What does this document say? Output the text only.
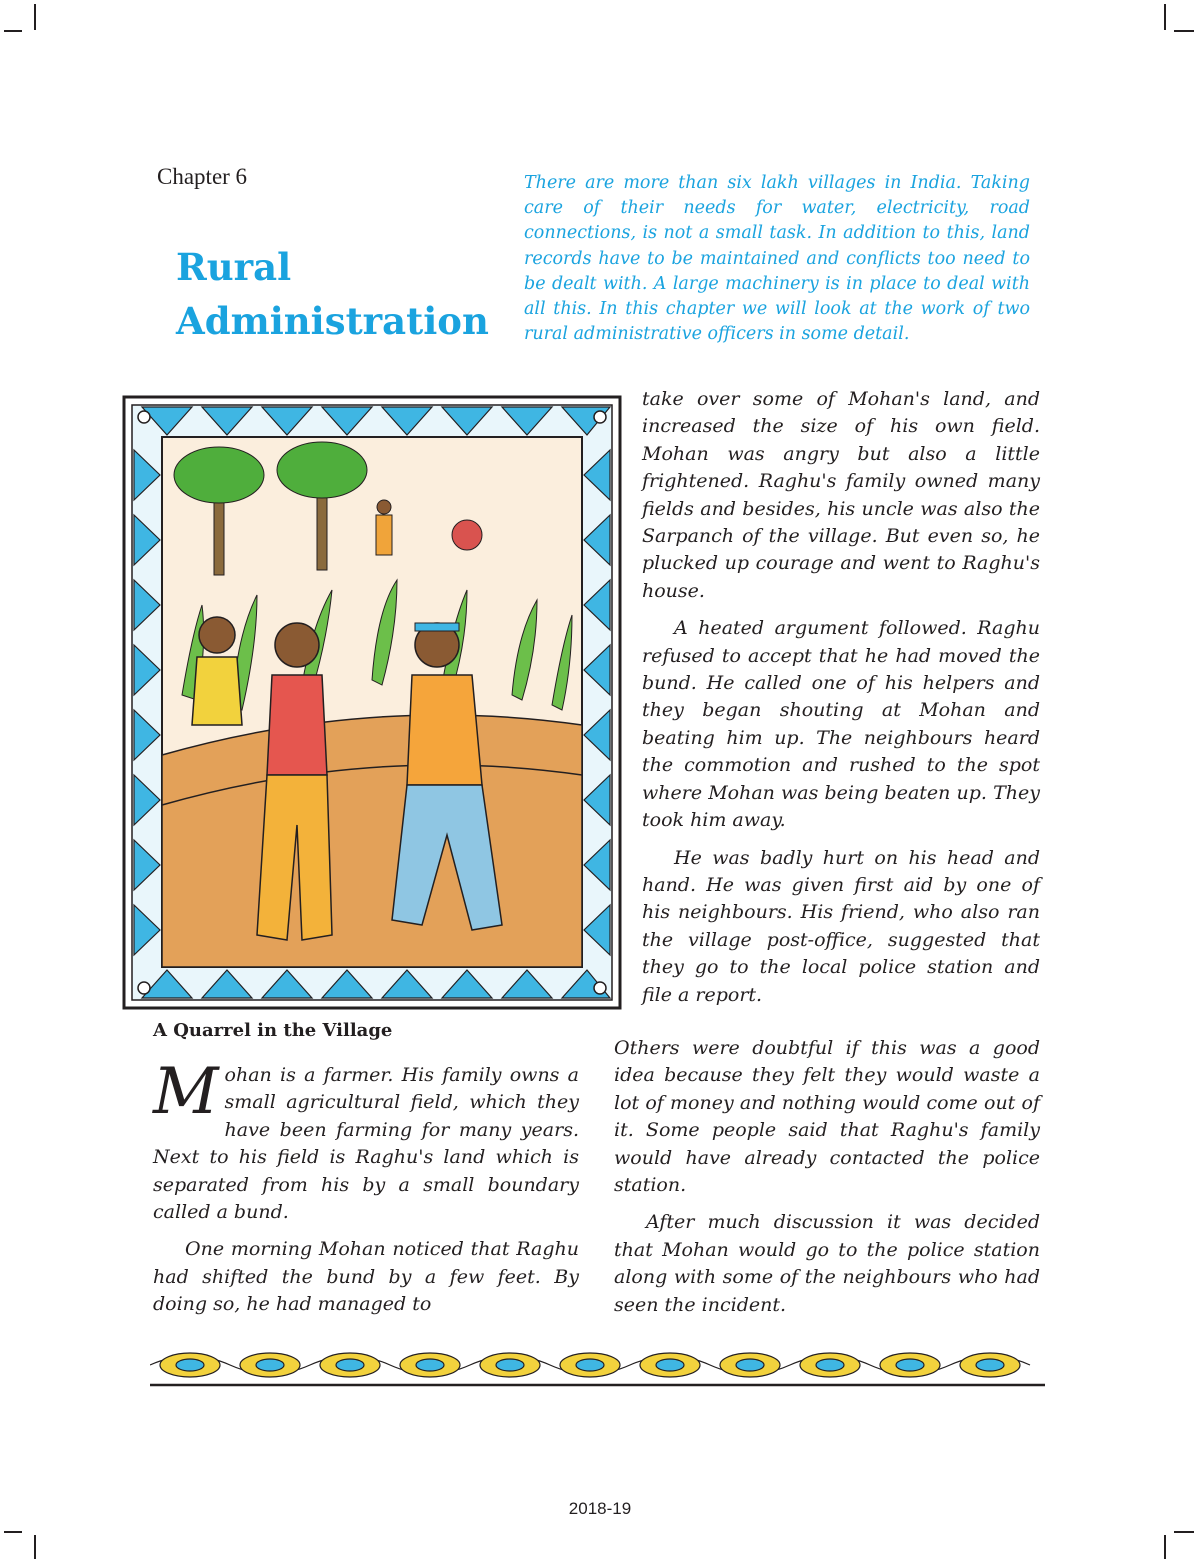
Chapter 6
Rural
Administration

There are more than six lakh villages in India. Taking care of their needs for water, electricity, road connections, is not a small task. In addition to this, land records have to be maintained and conflicts too need to be dealt with. A large machinery is in place to deal with all this. In this chapter we will look at the work of two rural administrative officers in some detail.

A Quarrel in the Village

take over some of Mohan's land, and increased the size of his own field. Mohan was angry but also a little frightened. Raghu's family owned many fields and besides, his uncle was also the Sarpanch of the village. But even so, he plucked up courage and went to Raghu's house.

A heated argument followed. Raghu refused to accept that he had moved the bund. He called one of his helpers and they began shouting at Mohan and beating him up. The neighbours heard the commotion and rushed to the spot where Mohan was being beaten up. They took him away.

He was badly hurt on his head and hand. He was given first aid by one of his neighbours. His friend, who also ran the village post-office, suggested that they go to the local police station and file a report.

Mohan is a farmer. His family owns a small agricultural field, which they have been farming for many years. Next to his field is Raghu's land which is separated from his by a small boundary called a bund.

One morning Mohan noticed that Raghu had shifted the bund by a few feet. By doing so, he had managed to

Others were doubtful if this was a good idea because they felt they would waste a lot of money and nothing would come out of it. Some people said that Raghu's family would have already contacted the police station.

After much discussion it was decided that Mohan would go to the police station along with some of the neighbours who had seen the incident.

2018-19
